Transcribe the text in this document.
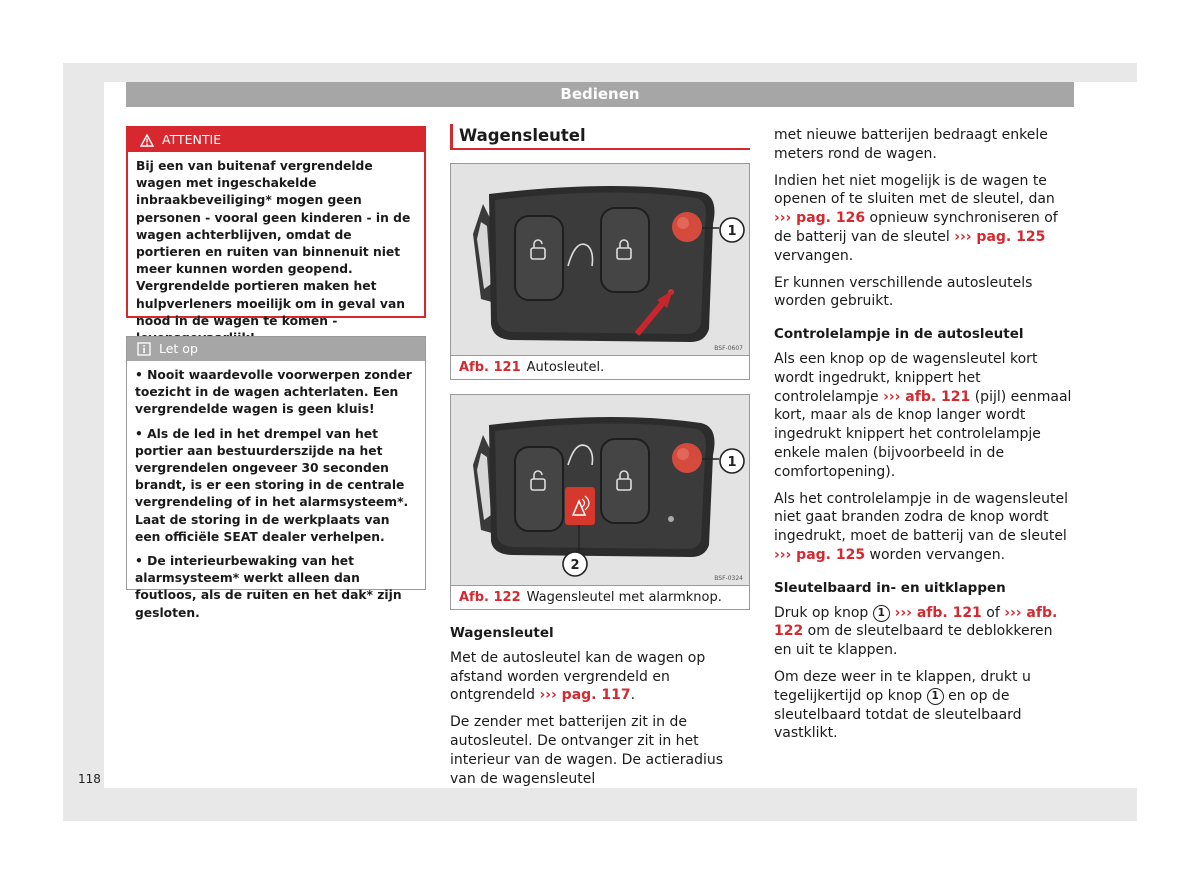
Bedienen
ATTENTIE
Bij een van buitenaf vergrendelde wagen met ingeschakelde inbraakbeveiliging* mogen geen personen - vooral geen kinderen - in de wagen achterblijven, omdat de portieren en ruiten van binnenuit niet meer kunnen worden geopend. Vergrendelde portieren maken het hulpverleners moeilijk om in geval van nood in de wagen te komen -
Let op

• Nooit waardevolle voorwerpen zonder toezicht in de wagen achterlaten. Een vergrendelde wagen is geen kluis!

• Als de led in het drempel van het portier aan bestuurderszijde na het vergrendelen ongeveer 30 seconden brandt, is er een storing in de centrale vergrendeling of in het alarmsysteem*. Laat de storing in de werkplaats van een officiële SEAT dealer verhelpen.

• De interieurbewaking van het alarmsysteem* werkt alleen dan foutloos, als de ruiten en het dak* zijn gesloten.

Wagensleutel
1
BSF-0607
Afb. 121 Autosleutel.
1
2
BSF-0324
Afb. 122 Wagensleutel met alarmknop.
Wagensleutel

Met de autosleutel kan de wagen op afstand worden vergrendeld en ontgrendeld ››› pag. 117.

De zender met batterijen zit in de autosleutel. De ontvanger zit in het interieur van de wagen. De actieradius van de wagensleutel

met nieuwe batterijen bedraagt enkele meters rond de wagen.

Indien het niet mogelijk is de wagen te openen of te sluiten met de sleutel, dan ››› pag. 126 opnieuw synchroniseren of de batterij van de sleutel ››› pag. 125 vervangen.

Er kunnen verschillende autosleutels worden gebruikt.

Controlelampje in de autosleutel

Als een knop op de wagensleutel kort wordt ingedrukt, knippert het controlelampje ››› afb. 121 (pijl) eenmaal kort, maar als de knop langer wordt ingedrukt knippert het controlelampje enkele malen (bijvoorbeeld in de comfortopening).

Als het controlelampje in de wagensleutel niet gaat branden zodra de knop wordt ingedrukt, moet de batterij van de sleutel ››› pag. 125 worden vervangen.

Sleutelbaard in- en uitklappen

Druk op knop 1 ››› afb. 121 of ››› afb. 122 om de sleutelbaard te deblokkeren en uit te klappen.

Om deze weer in te klappen, drukt u tegelijkertijd op knop 1 en op de sleutelbaard totdat de sleutelbaard vastklikt.

118
